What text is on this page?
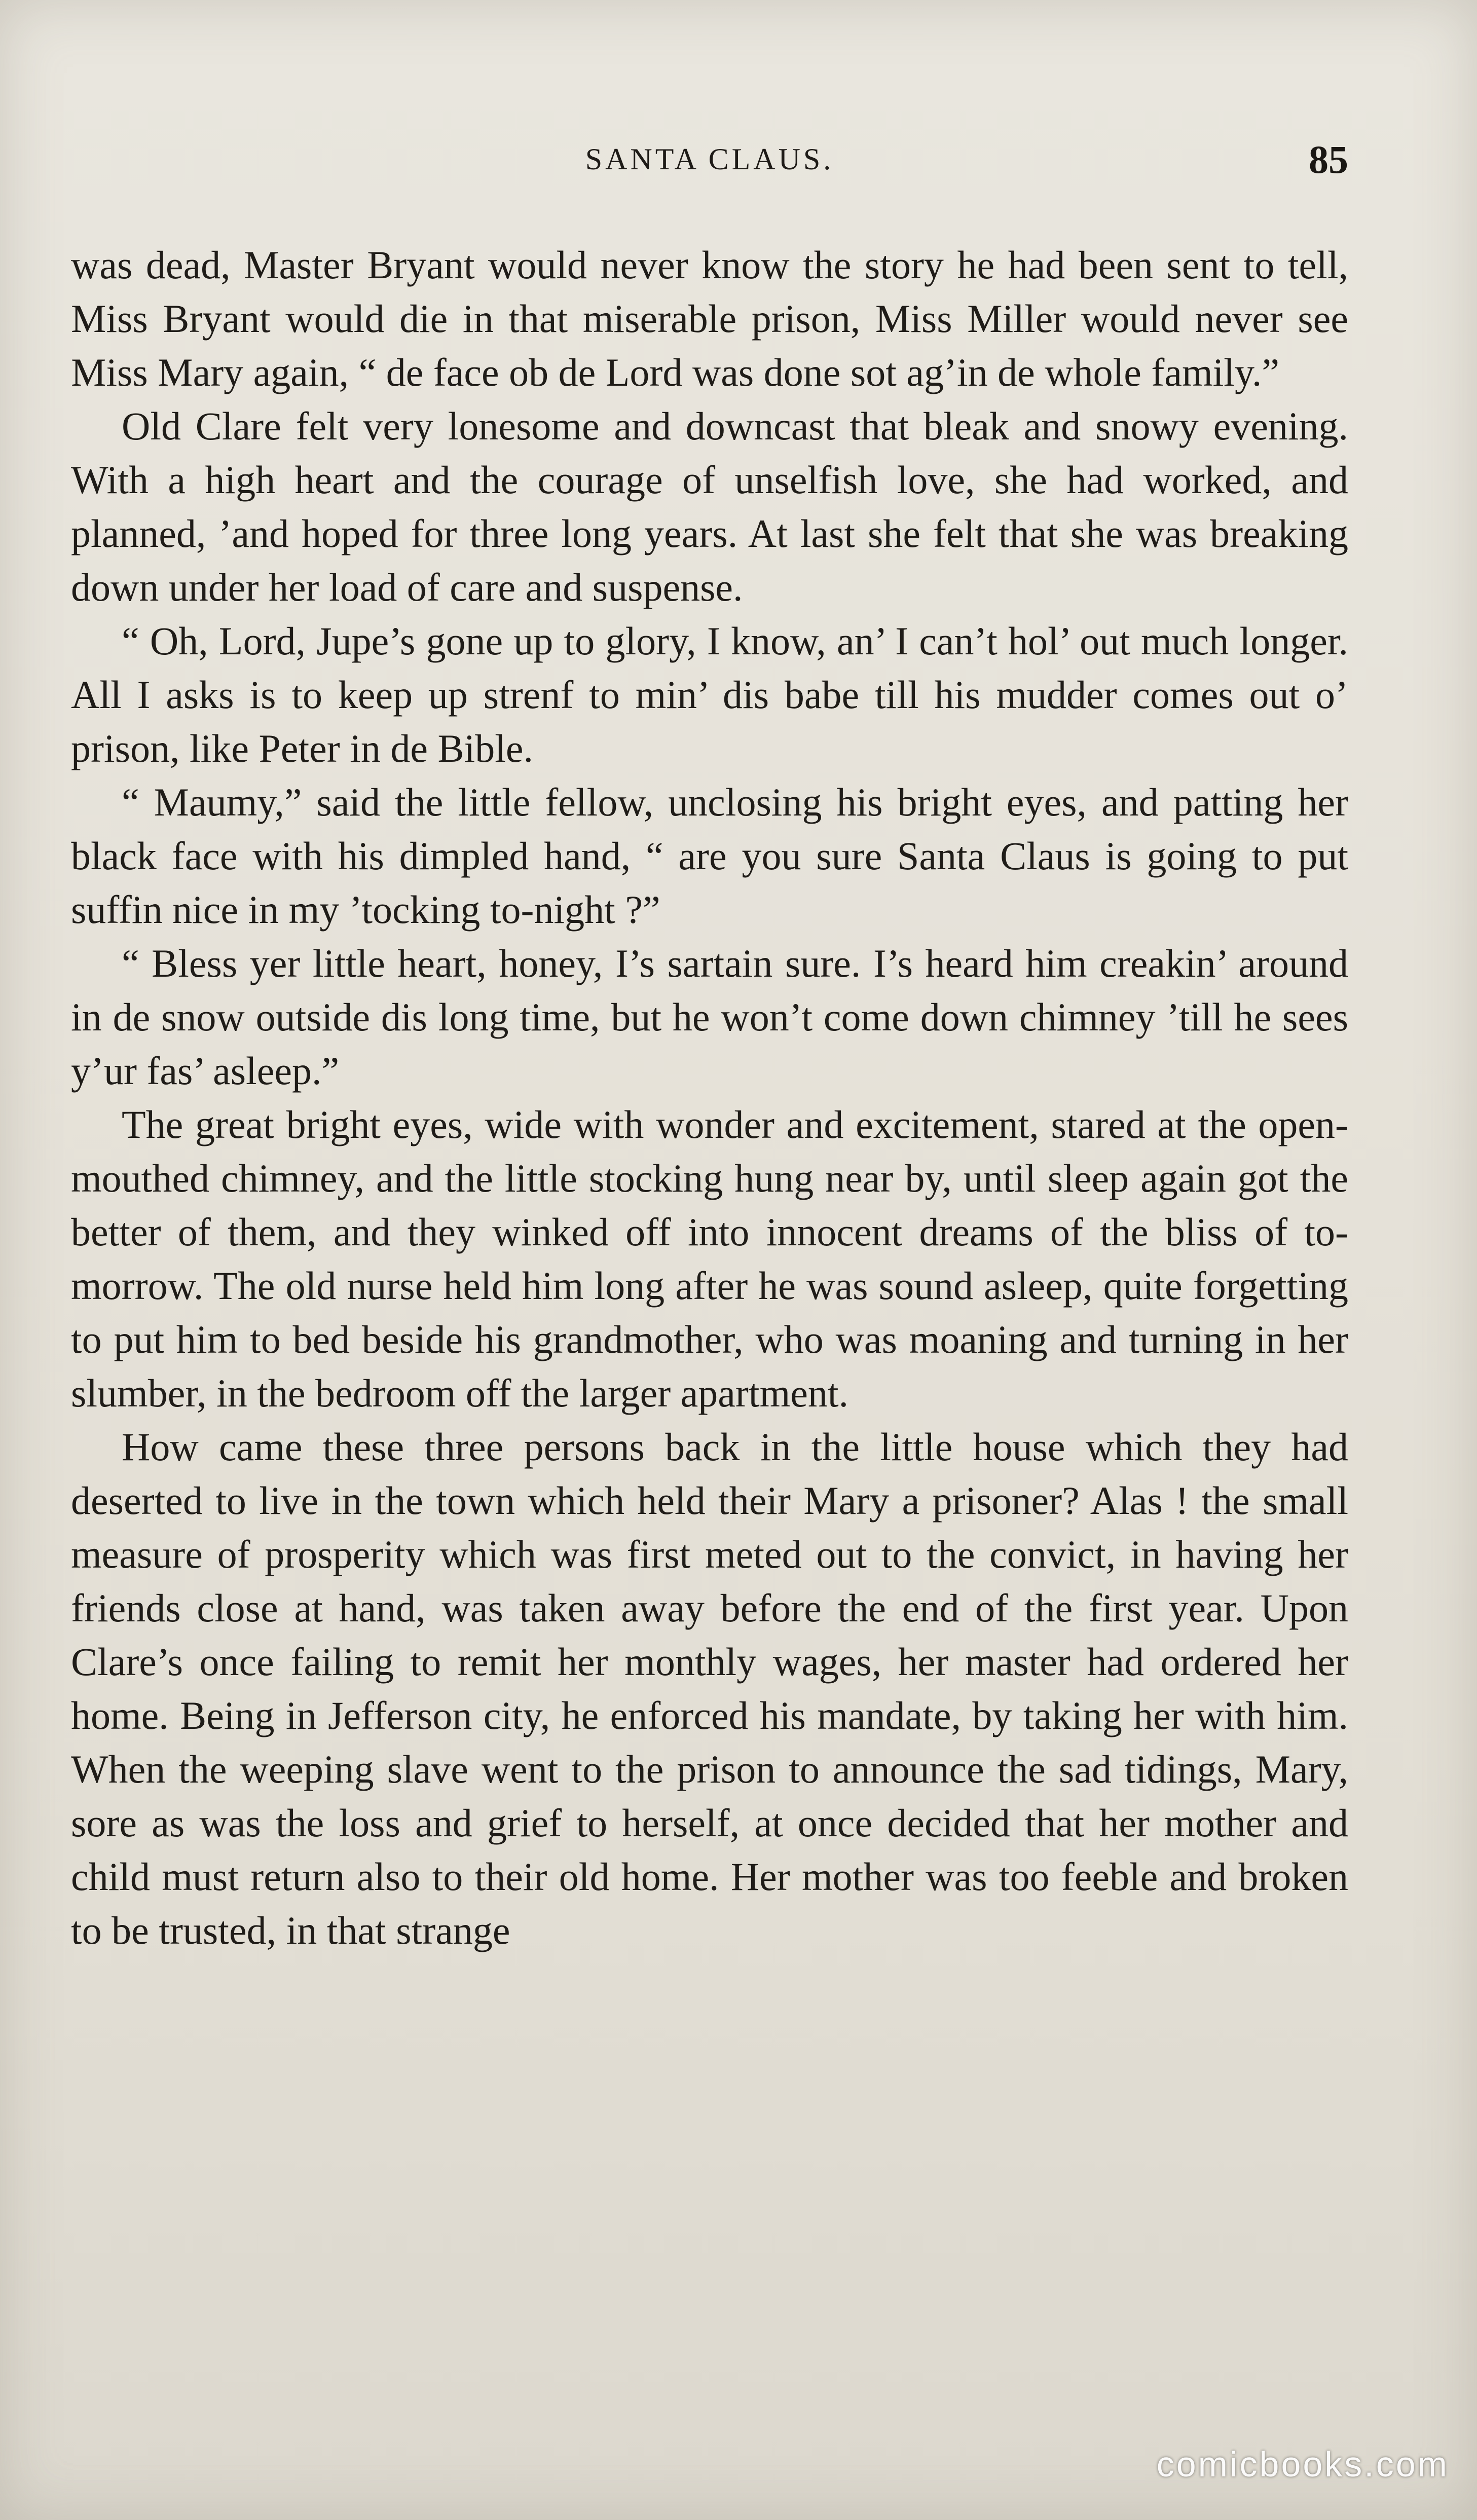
SANTA CLAUS.	85

was dead, Master Bryant would never know the story he had been sent to tell, Miss Bryant would die in that miserable prison, Miss Miller would never see Miss Mary again, “ de face ob de Lord was done sot ag’in de whole family.”

Old Clare felt very lonesome and downcast that bleak and snowy evening. With a high heart and the courage of unselfish love, she had worked, and planned, ’and hoped for three long years. At last she felt that she was breaking down under her load of care and suspense.

“ Oh, Lord, Jupe’s gone up to glory, I know, an’ I can’t hol’ out much longer. All I asks is to keep up strenf to min’ dis babe till his mudder comes out o’ prison, like Peter in de Bible.

“ Maumy,” said the little fellow, unclosing his bright eyes, and patting her black face with his dimpled hand, “ are you sure Santa Claus is going to put suffin nice in my ’tocking to-night ?”

“ Bless yer little heart, honey, I’s sartain sure. I’s heard him creakin’ around in de snow outside dis long time, but he won’t come down chimney ’till he sees y’ur fas’ asleep.”

The great bright eyes, wide with wonder and excitement, stared at the open-mouthed chimney, and the little stocking hung near by, until sleep again got the better of them, and they winked off into innocent dreams of the bliss of to-morrow. The old nurse held him long after he was sound asleep, quite forgetting to put him to bed beside his grandmother, who was moaning and turning in her slumber, in the bedroom off the larger apartment.

How came these three persons back in the little house which they had deserted to live in the town which held their Mary a prisoner? Alas ! the small measure of prosperity which was first meted out to the convict, in having her friends close at hand, was taken away before the end of the first year. Upon Clare’s once failing to remit her monthly wages, her master had ordered her home. Being in Jefferson city, he enforced his mandate, by taking her with him. When the weeping slave went to the prison to announce the sad tidings, Mary, sore as was the loss and grief to herself, at once decided that her mother and child must return also to their old home. Her mother was too feeble and broken to be trusted, in that strange

comicbooks.com
